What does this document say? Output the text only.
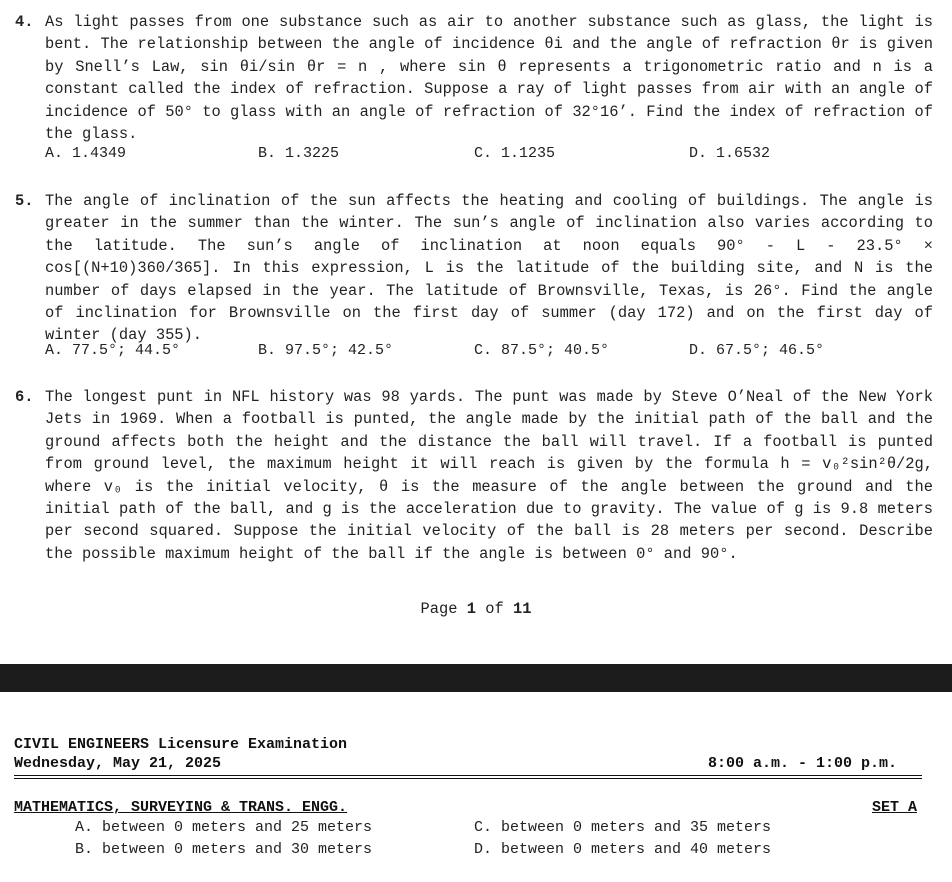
4. As light passes from one substance such as air to another substance such as glass, the light is bent. The relationship between the angle of incidence θi and the angle of refraction θr is given by Snell’s Law, sin θi/sin θr = n , where sin θ represents a trigonometric ratio and n is a constant called the index of refraction. Suppose a ray of light passes from air with an angle of incidence of 50° to glass with an angle of refraction of 32°16’. Find the index of refraction of the glass.
A. 1.4349	B. 1.3225	C. 1.1235	D. 1.6532
5. The angle of inclination of the sun affects the heating and cooling of buildings. The angle is greater in the summer than the winter. The sun’s angle of inclination also varies according to the latitude. The sun’s angle of inclination at noon equals 90° - L - 23.5° × cos[(N+10)360/365]. In this expression, L is the latitude of the building site, and N is the number of days elapsed in the year. The latitude of Brownsville, Texas, is 26°. Find the angle of inclination for Brownsville on the first day of summer (day 172) and on the first day of winter (day 355).
A. 77.5°; 44.5°	B. 97.5°; 42.5°	C. 87.5°; 40.5°	D. 67.5°; 46.5°
6. The longest punt in NFL history was 98 yards. The punt was made by Steve O’Neal of the New York Jets in 1969. When a football is punted, the angle made by the initial path of the ball and the ground affects both the height and the distance the ball will travel. If a football is punted from ground level, the maximum height it will reach is given by the formula h = v₀²sin²θ/2g, where v₀ is the initial velocity, θ is the measure of the angle between the ground and the initial path of the ball, and g is the acceleration due to gravity. The value of g is 9.8 meters per second squared. Suppose the initial velocity of the ball is 28 meters per second. Describe the possible maximum height of the ball if the angle is between 0° and 90°.
Page 1 of 11
CIVIL ENGINEERS Licensure Examination
Wednesday, May 21, 2025	8:00 a.m. - 1:00 p.m.
MATHEMATICS, SURVEYING & TRANS. ENGG.	SET A
A. between 0 meters and 25 meters	C. between 0 meters and 35 meters
B. between 0 meters and 30 meters	D. between 0 meters and 40 meters
